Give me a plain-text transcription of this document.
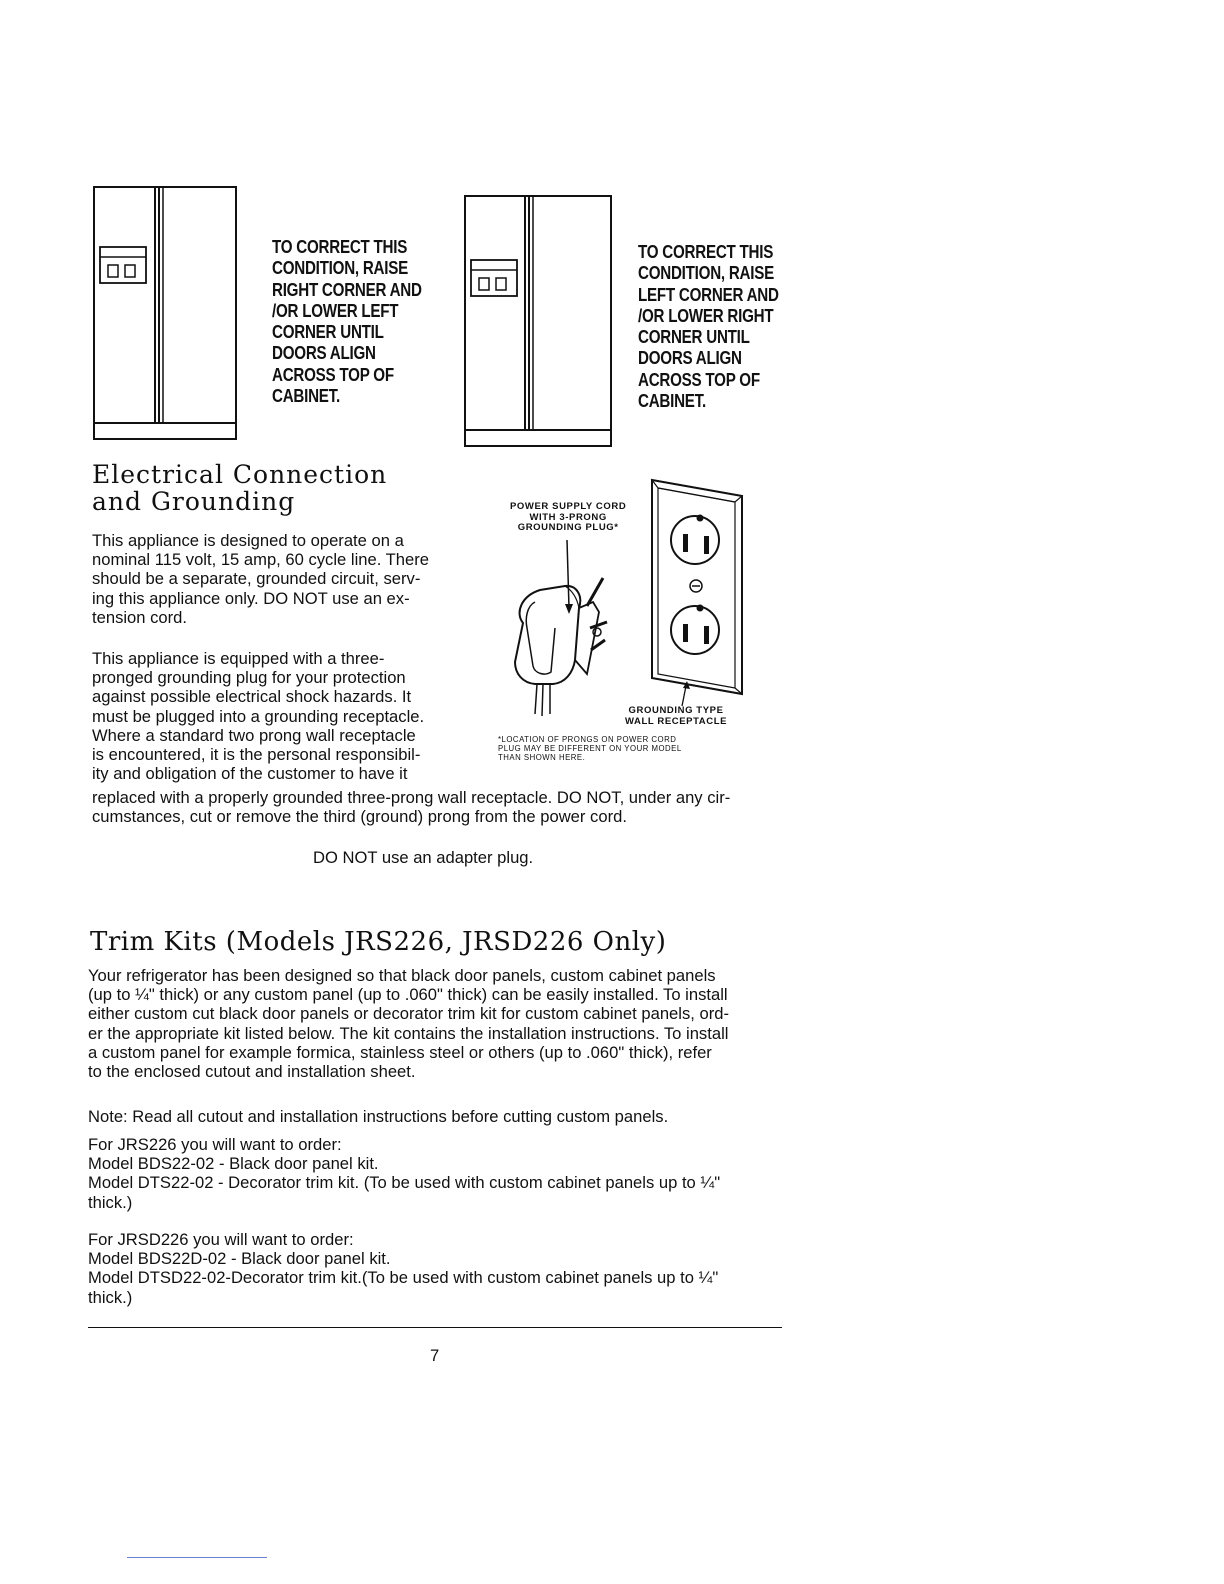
TO CORRECT THIS
CONDITION, RAISE
RIGHT CORNER AND
/OR LOWER LEFT
CORNER UNTIL
DOORS ALIGN
ACROSS TOP OF
CABINET.
TO CORRECT THIS
CONDITION, RAISE
LEFT CORNER AND
/OR LOWER RIGHT
CORNER UNTIL
DOORS ALIGN
ACROSS TOP OF
CABINET.
Electrical Connection
and Grounding
This appliance is designed to operate on a
nominal 115 volt, 15 amp, 60 cycle line. There
should be a separate, grounded circuit, serv-
ing this appliance only. DO NOT use an ex-
tension cord.
This appliance is equipped with a three-
pronged grounding plug for your protection
against possible electrical shock hazards. It
must be plugged into a grounding receptacle.
Where a standard two prong wall receptacle
is encountered, it is the personal responsibil-
ity and obligation of the customer to have it
replaced with a properly grounded three-prong wall receptacle. DO NOT, under any cir-
cumstances, cut or remove the third (ground) prong from the power cord.
DO NOT use an adapter plug.
POWER SUPPLY CORD
WITH 3-PRONG
GROUNDING PLUG*
GROUNDING TYPE
WALL RECEPTACLE
*LOCATION OF PRONGS ON POWER CORD
PLUG MAY BE DIFFERENT ON YOUR MODEL
THAN SHOWN HERE.
Trim Kits (Models JRS226, JRSD226 Only)
Your refrigerator has been designed so that black door panels, custom cabinet panels
(up to ¼" thick) or any custom panel (up to .060" thick) can be easily installed. To install
either custom cut black door panels or decorator trim kit for custom cabinet panels, ord-
er the appropriate kit listed below. The kit contains the installation instructions. To install
a custom panel for example formica, stainless steel or others (up to .060" thick), refer
to the enclosed cutout and installation sheet.
Note: Read all cutout and installation instructions before cutting custom panels.
For JRS226 you will want to order:
Model BDS22-02 - Black door panel kit.
Model DTS22-02 - Decorator trim kit. (To be used with custom cabinet panels up to ¼"
thick.)
For JRSD226 you will want to order:
Model BDS22D-02 - Black door panel kit.
Model DTSD22-02-Decorator trim kit.(To be used with custom cabinet panels up to ¼"
thick.)
7
